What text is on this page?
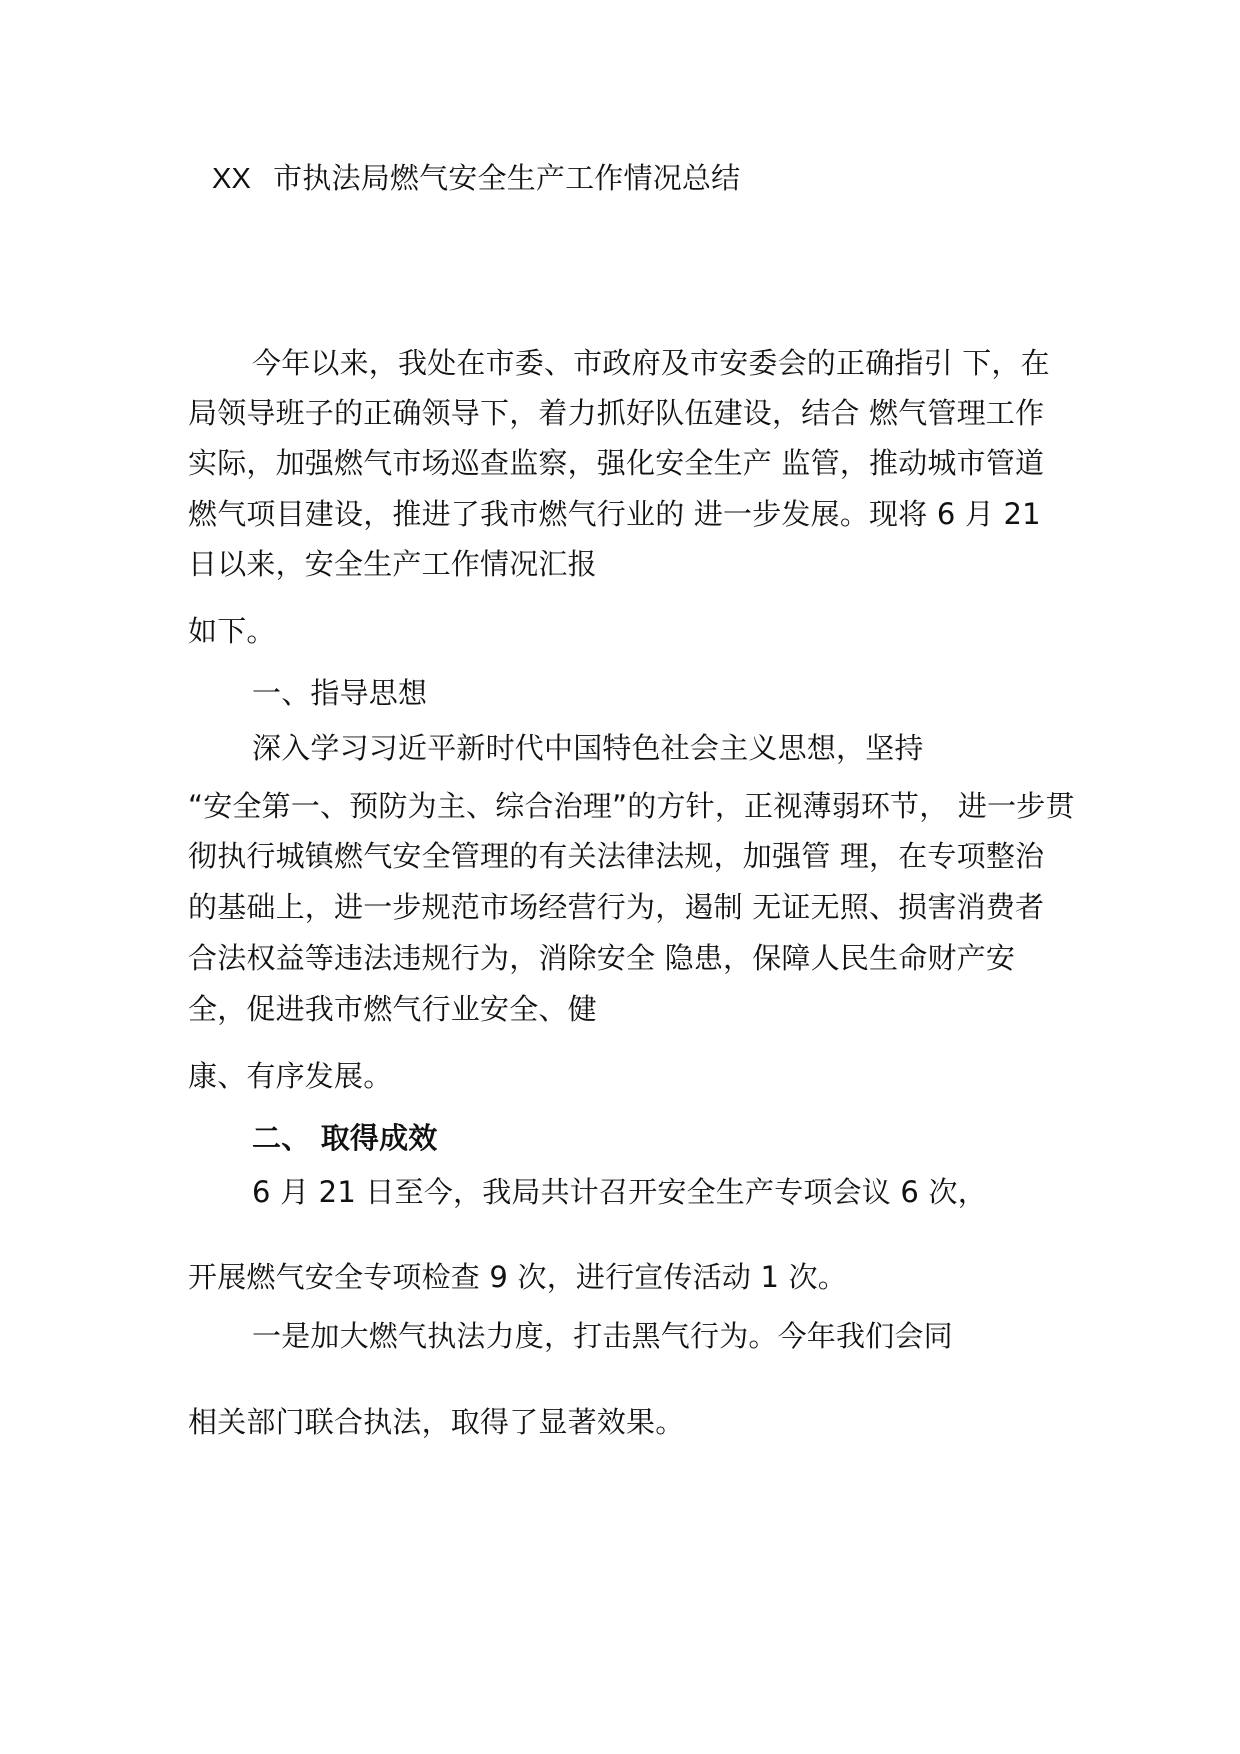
XX 市执法局燃气安全生产工作情况总结
今年以来，我处在市委、市政府及市安委会的正确指引 下，在
局领导班子的正确领导下，着力抓好队伍建设，结合 燃气管理工作
实际，加强燃气市场巡查监察，强化安全生产 监管，推动城市管道
燃气项目建设，推进了我市燃气行业的 进一步发展。现将 6 月 21
日以来，安全生产工作情况汇报
如下。
一、指导思想
深入学习习近平新时代中国特色社会主义思想，坚持
“安全第一、预防为主、综合治理”的方针，正视薄弱环节， 进一步贯
彻执行城镇燃气安全管理的有关法律法规，加强管 理，在专项整治
的基础上，进一步规范市场经营行为，遏制 无证无照、损害消费者
合法权益等违法违规行为，消除安全 隐患，保障人民生命财产安
全，促进我市燃气行业安全、健
康、有序发展。
二、 取得成效
6 月 21 日至今，我局共计召开安全生产专项会议 6 次，
开展燃气安全专项检查 9 次，进行宣传活动 1 次。
一是加大燃气执法力度，打击黑气行为。今年我们会同
相关部门联合执法，取得了显著效果。
